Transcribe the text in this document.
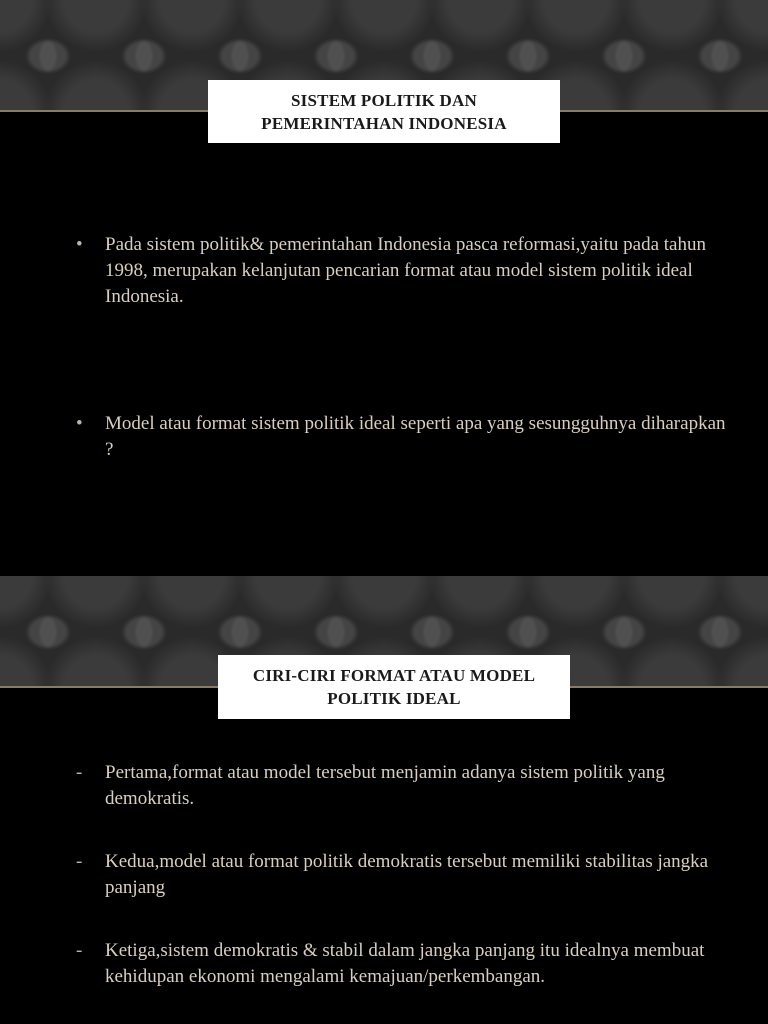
SISTEM POLITIK DAN
PEMERINTAHAN INDONESIA
•	Pada sistem politik& pemerintahan Indonesia pasca reformasi,yaitu pada tahun 1998, merupakan kelanjutan pencarian format atau model sistem politik ideal Indonesia.
•	Model atau format sistem politik ideal seperti apa yang sesungguhnya diharapkan ?
CIRI-CIRI FORMAT ATAU MODEL
POLITIK IDEAL
-	Pertama,format atau model tersebut menjamin adanya sistem politik yang demokratis.
-	Kedua,model atau format politik demokratis tersebut memiliki stabilitas jangka panjang
-	Ketiga,sistem demokratis & stabil dalam jangka panjang itu idealnya membuat kehidupan ekonomi mengalami kemajuan/perkembangan.
